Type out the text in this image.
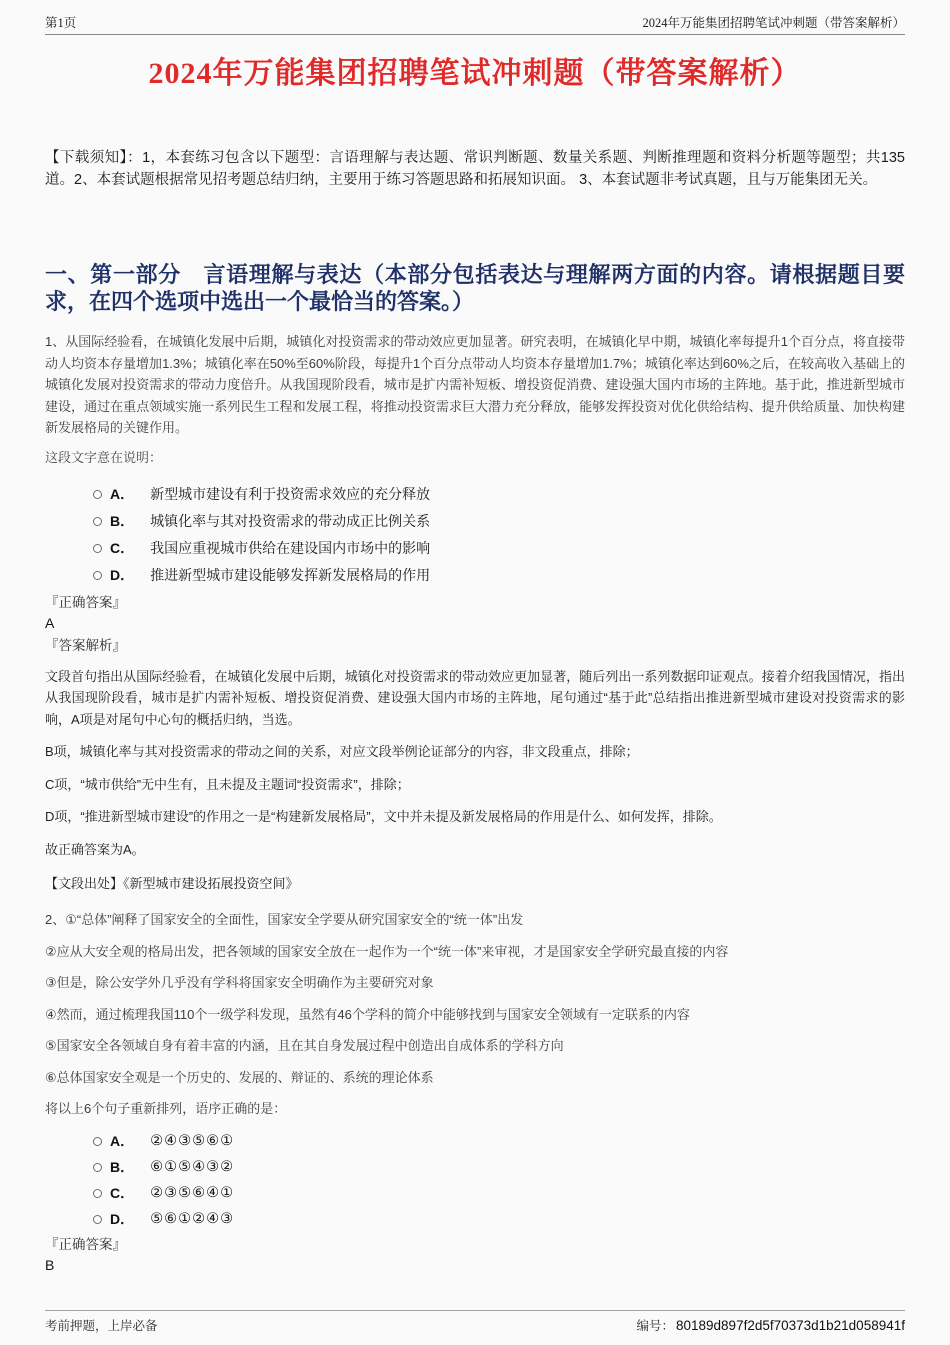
第1页	2024年万能集团招聘笔试冲刺题（带答案解析）
2024年万能集团招聘笔试冲刺题（带答案解析）

【下载须知】：1，本套练习包含以下题型：言语理解与表达题、常识判断题、数量关系题、判断推理题和资料分析题等题型；共135道。2、本套试题根据常见招考题总结归纳，主要用于练习答题思路和拓展知识面。 3、本套试题非考试真题，且与万能集团无关。

一、第一部分　言语理解与表达（本部分包括表达与理解两方面的内容。请根据题目要求，在四个选项中选出一个最恰当的答案。）

1、从国际经验看，在城镇化发展中后期，城镇化对投资需求的带动效应更加显著。研究表明，在城镇化早中期，城镇化率每提升1个百分点，将直接带动人均资本存量增加1.3%；城镇化率在50%至60%阶段，每提升1个百分点带动人均资本存量增加1.7%；城镇化率达到60%之后，在较高收入基础上的城镇化发展对投资需求的带动力度倍升。从我国现阶段看，城市是扩内需补短板、增投资促消费、建设强大国内市场的主阵地。基于此，推进新型城市建设，通过在重点领域实施一系列民生工程和发展工程，将推动投资需求巨大潜力充分释放，能够发挥投资对优化供给结构、提升供给质量、加快构建新发展格局的关键作用。

这段文字意在说明：

A． 新型城市建设有利于投资需求效应的充分释放
B． 城镇化率与其对投资需求的带动成正比例关系
C． 我国应重视城市供给在建设国内市场中的影响
D． 推进新型城市建设能够发挥新发展格局的作用

『正确答案』

A

『答案解析』

文段首句指出从国际经验看，在城镇化发展中后期，城镇化对投资需求的带动效应更加显著，随后列出一系列数据印证观点。接着介绍我国情况，指出从我国现阶段看，城市是扩内需补短板、增投资促消费、建设强大国内市场的主阵地，尾句通过“基于此”总结指出推进新型城市建设对投资需求的影响，A项是对尾句中心句的概括归纳，当选。

B项，城镇化率与其对投资需求的带动之间的关系，对应文段举例论证部分的内容，非文段重点，排除；

C项，“城市供给”无中生有，且未提及主题词“投资需求”，排除；

D项，“推进新型城市建设”的作用之一是“构建新发展格局”，文中并未提及新发展格局的作用是什么、如何发挥，排除。

故正确答案为A。

【文段出处】《新型城市建设拓展投资空间》

2、①“总体”阐释了国家安全的全面性，国家安全学要从研究国家安全的“统一体”出发

②应从大安全观的格局出发，把各领域的国家安全放在一起作为一个“统一体”来审视，才是国家安全学研究最直接的内容

③但是，除公安学外几乎没有学科将国家安全明确作为主要研究对象

④然而，通过梳理我国110个一级学科发现，虽然有46个学科的简介中能够找到与国家安全领域有一定联系的内容

⑤国家安全各领域自身有着丰富的内涵，且在其自身发展过程中创造出自成体系的学科方向

⑥总体国家安全观是一个历史的、发展的、辩证的、系统的理论体系

将以上6个句子重新排列，语序正确的是：

A． ②④③⑤⑥①
B． ⑥①⑤④③②
C． ②③⑤⑥④①
D． ⑤⑥①②④③

『正确答案』

B

考前押题，上岸必备	编号： 80189d897f2d5f70373d1b21d058941f
